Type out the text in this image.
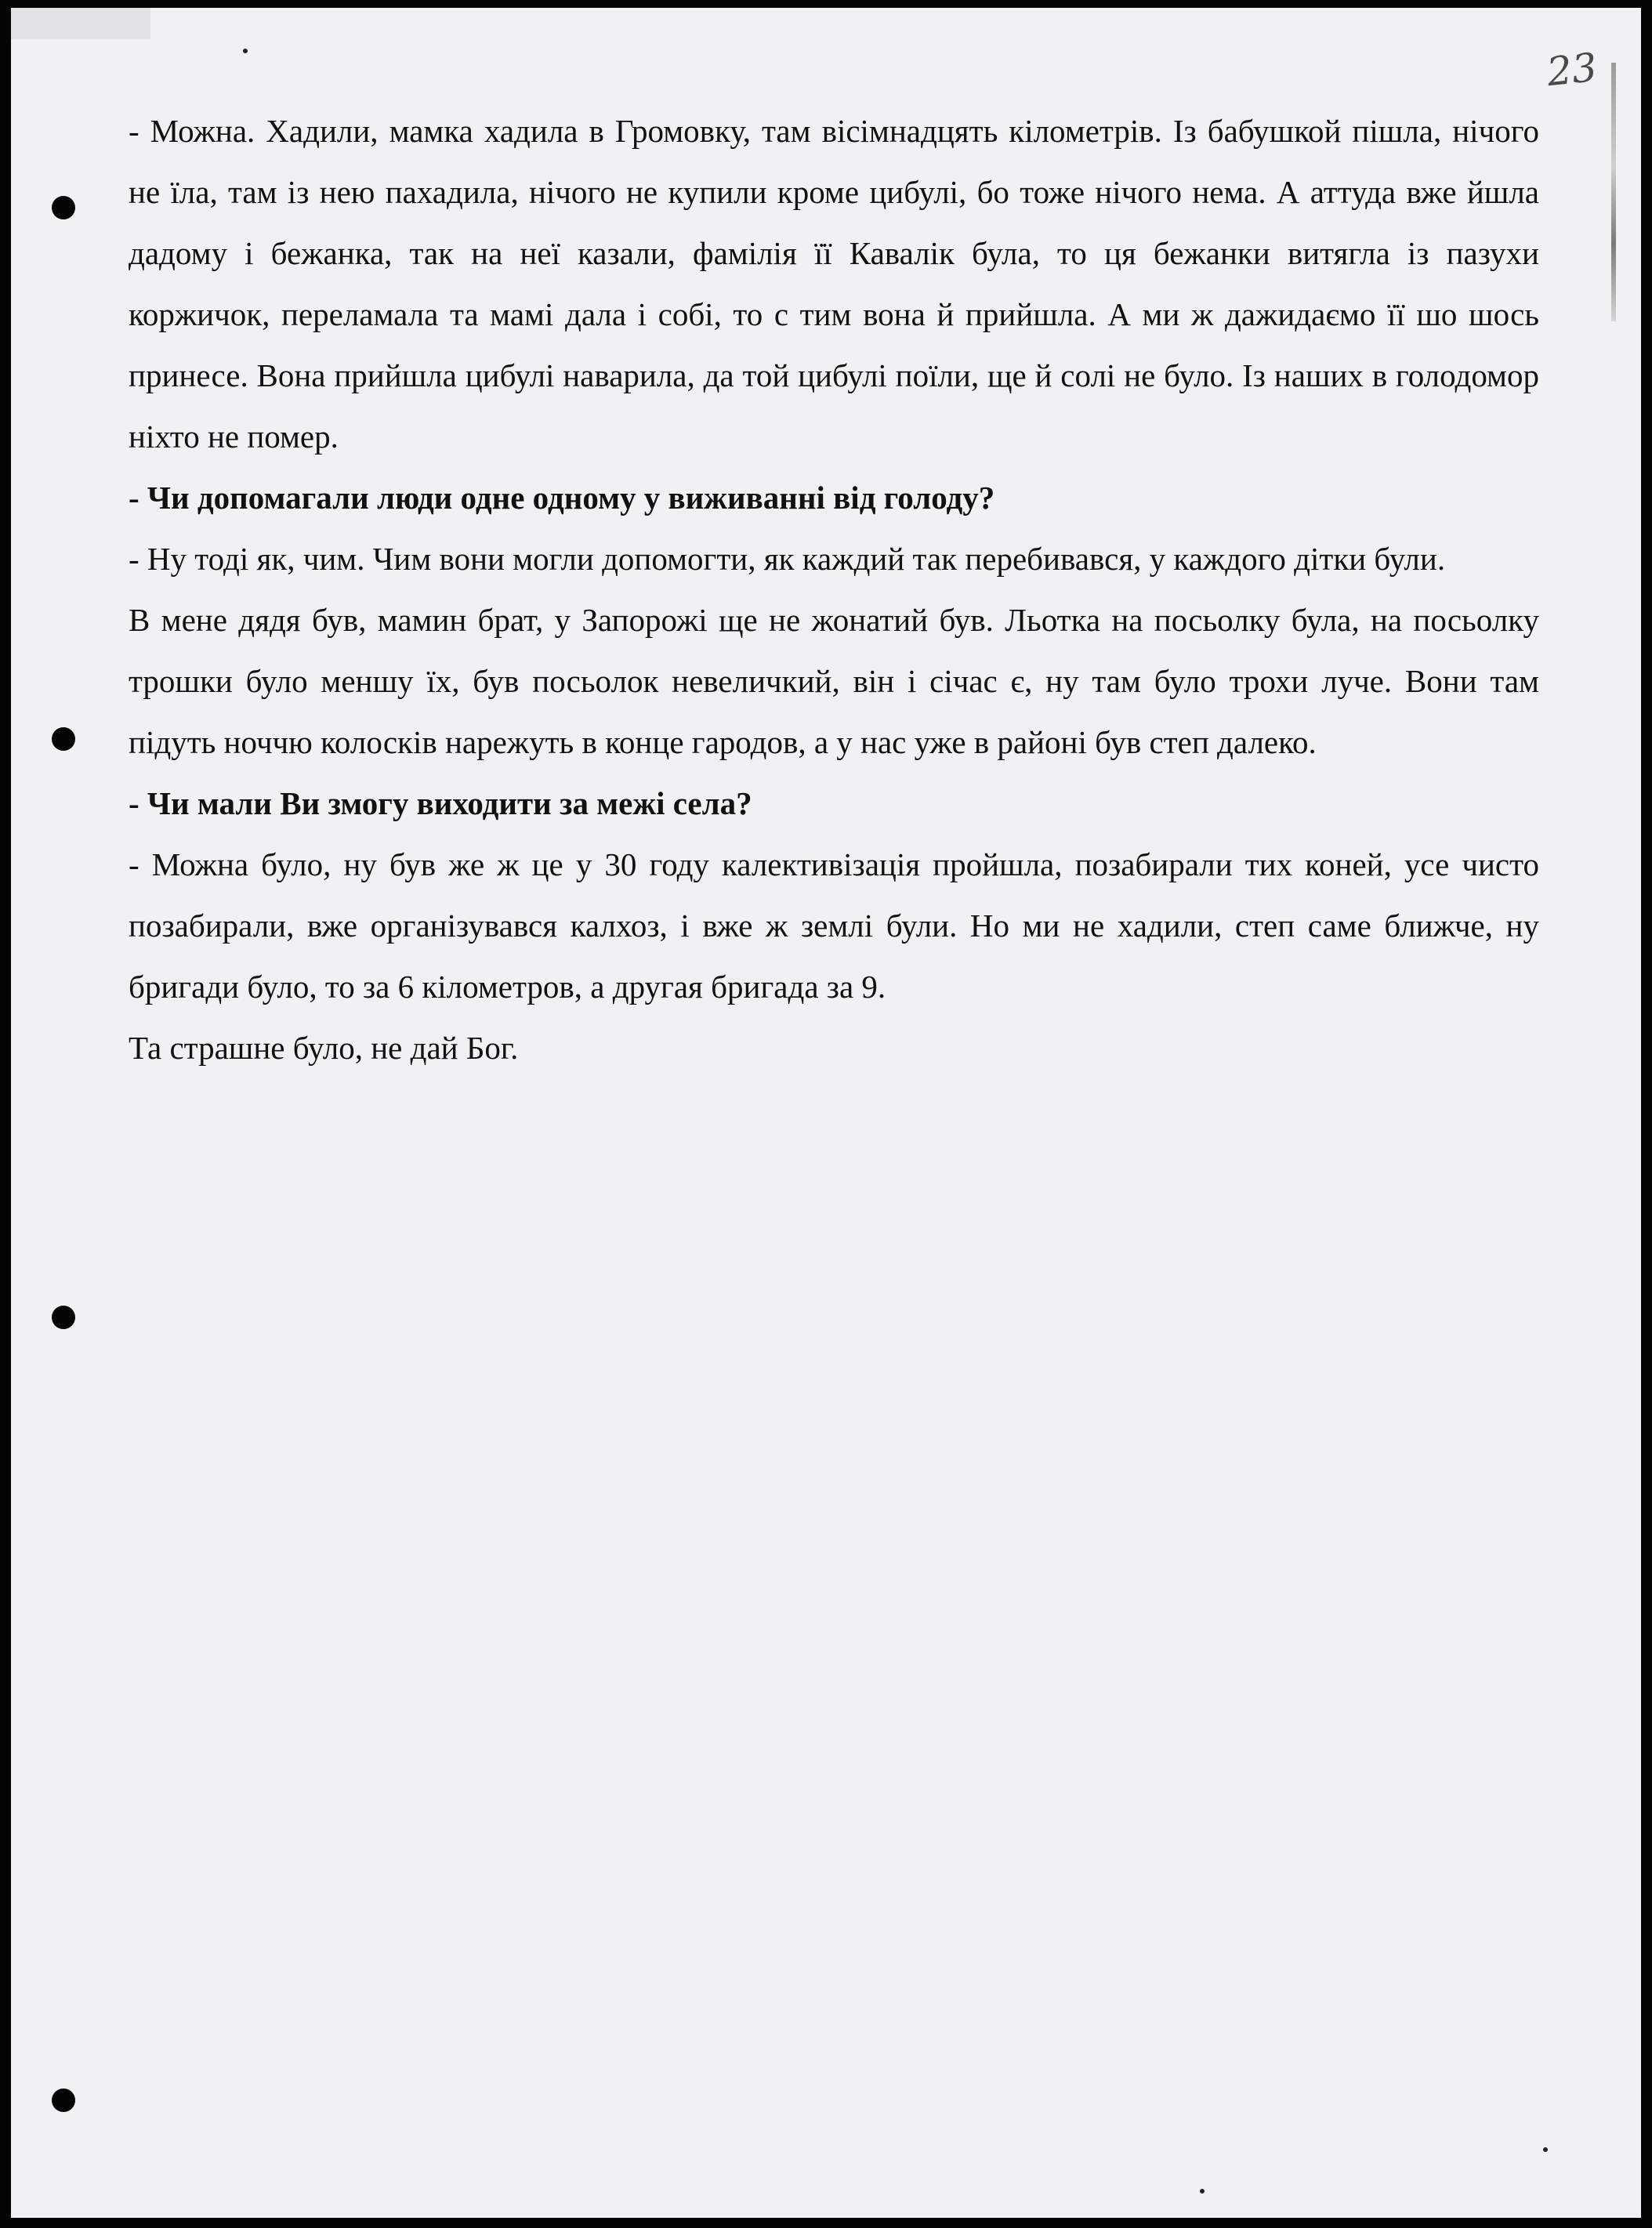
23

- Можна. Хадили, мамка хадила в Громовку, там вісімнадцять кілометрів. Із бабушкой пішла, нічого не їла, там із нею пахадила, нічого не купили кроме цибулі, бо тоже нічого нема. А аттуда вже йшла дадому і бежанка, так на неї казали, фамілія її Кавалік була, то ця бежанки витягла із пазухи коржичок, переламала та мамі дала і собі, то с тим вона й прийшла. А ми ж дажидаємо її шо шось принесе. Вона прийшла цибулі наварила, да той цибулі поїли, ще й солі не було. Із наших в голодомор ніхто не помер.

- Чи допомагали люди одне одному у виживанні від голоду?

- Ну тоді як, чим. Чим вони могли допомогти, як каждий так перебивався, у каждого дітки були.

В мене дядя був, мамин брат, у Запорожі ще не жонатий був. Льотка на посьолку була, на посьолку трошки було меншу їх, був посьолок невеличкий, він і січас є, ну там було трохи луче. Вони там підуть ноччю колосків нарежуть в конце гародов, а у нас уже в районі був степ далеко.

- Чи мали Ви змогу виходити за межі села?

- Можна було, ну був же ж це у 30 году калективізація пройшла, позабирали тих коней, усе чисто позабирали, вже організувався калхоз, і вже ж землі були. Но ми не хадили, степ саме ближче, ну бригади було, то за 6 кілометров, а другая бригада за 9.

Та страшне було, не дай Бог.
